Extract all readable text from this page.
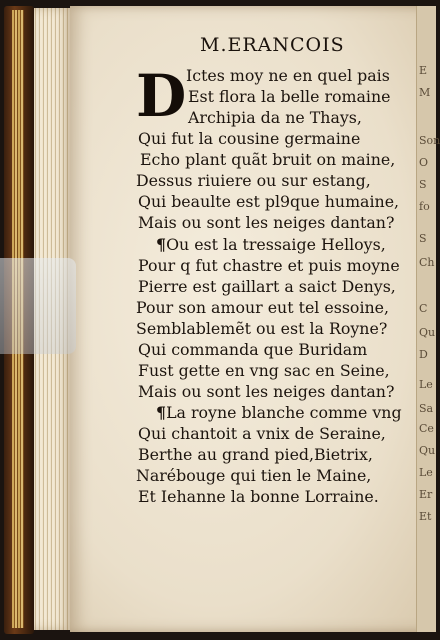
M.ERANCOIS
D Ictes moy ne en quel pais
Est flora la belle romaine
Archipia da ne Thays,
Qui fut la cousine germaine
Echo plant quãt bruit on maine,
Dessus riuiere ou sur estang,
Qui beaulte est pl9que humaine,
Mais ou sont les neiges dantan?
¶Ou est la tressaige Helloys,
Pour q fut chastre et puis moyne
Pierre est gaillart a saict Denys,
Pour son amour eut tel essoine,
Semblablemẽt ou est la Royne?
Qui commanda que Buridam
Fust gette en vng sac en Seine,
Mais ou sont les neiges dantan?
¶La royne blanche comme vng
Qui chantoit a vnix de Seraine,
Berthe au grand pied,Bietrix,
Narébouge qui tien le Maine,
Et Iehanne la bonne Lorraine.
E
M
Son
O
S
fo
S
Ch
C
Qu
D
Le
Sa
Ce
Qu
Le
Er
Et
